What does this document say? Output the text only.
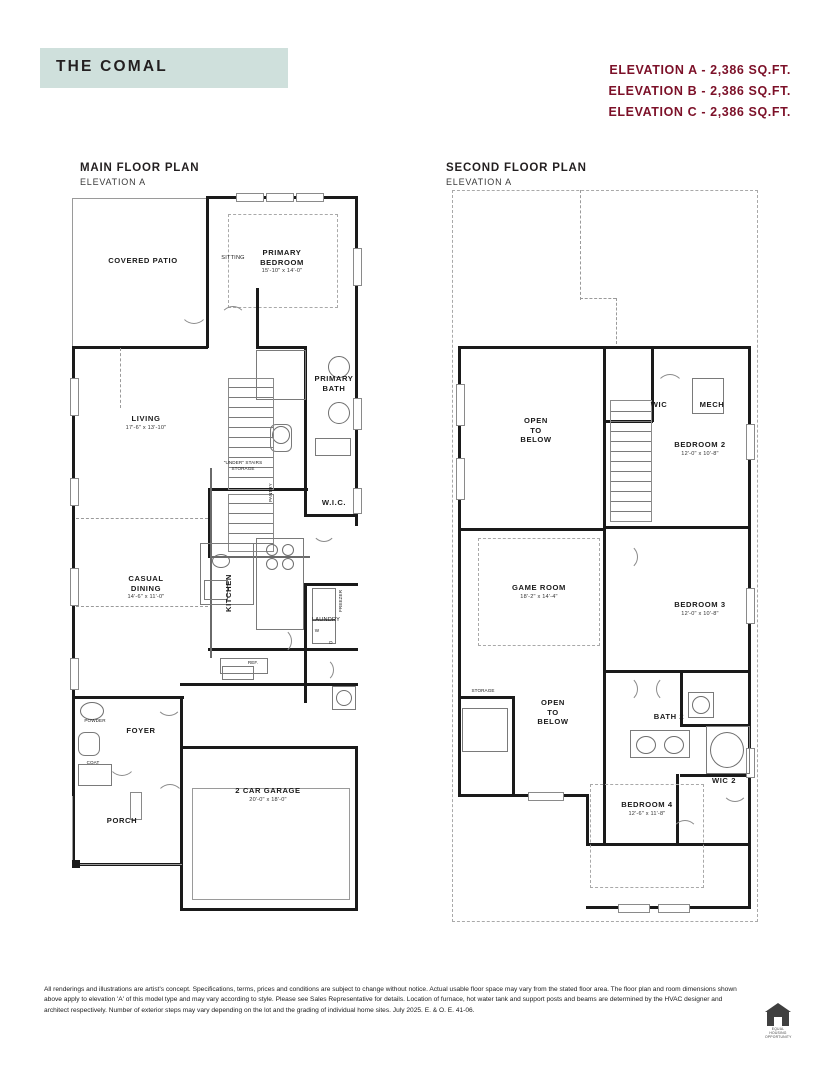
THE COMAL	ELEVATION A - 2,386 SQ.FT.
ELEVATION B - 2,386 SQ.FT.
ELEVATION C - 2,386 SQ.FT.
MAIN FLOOR PLAN
ELEVATION A
SECOND FLOOR PLAN
ELEVATION A
COVERED PATIO	SITTING
PRIMARY
BEDROOM
15'-10" x 14'-0"
PRIMARY
BATH
LIVING
17'-6" x 13'-10"
"UNDER" STAIRS STORAGE
PANTRY
W.I.C.
CASUAL
DINING
14'-6" x 11'-0"	KITCHEN
LAUNDRY
FREEZER
REF.
W
D
POWDER
FOYER
COAT
PORCH
2 CAR GARAGE
20'-0" x 18'-0"
WIC	MECH
OPEN
TO
BELOW
BEDROOM 2
12'-0" x 10'-8"
GAME ROOM
18'-2" x 14'-4"
BEDROOM 3
12'-0" x 10'-8"
STORAGE
OPEN
TO
BELOW
BATH 2
WIC 2
BEDROOM 4
12'-6" x 11'-8"
All renderings and illustrations are artist's concept. Specifications, terms, prices and conditions are subject to change without notice. Actual usable floor space may vary from the stated floor area. The floor plan and room dimensions shown above apply to elevation 'A' of this model type and may vary according to style. Please see Sales Representative for details. Location of furnace, hot water tank and support posts and beams are determined by the HVAC designer and architect respectively. Number of exterior steps may vary depending on the lot and the grading of individual home sites. July 2025. E. & O. E. 41-06.
EQUAL HOUSING OPPORTUNITY
